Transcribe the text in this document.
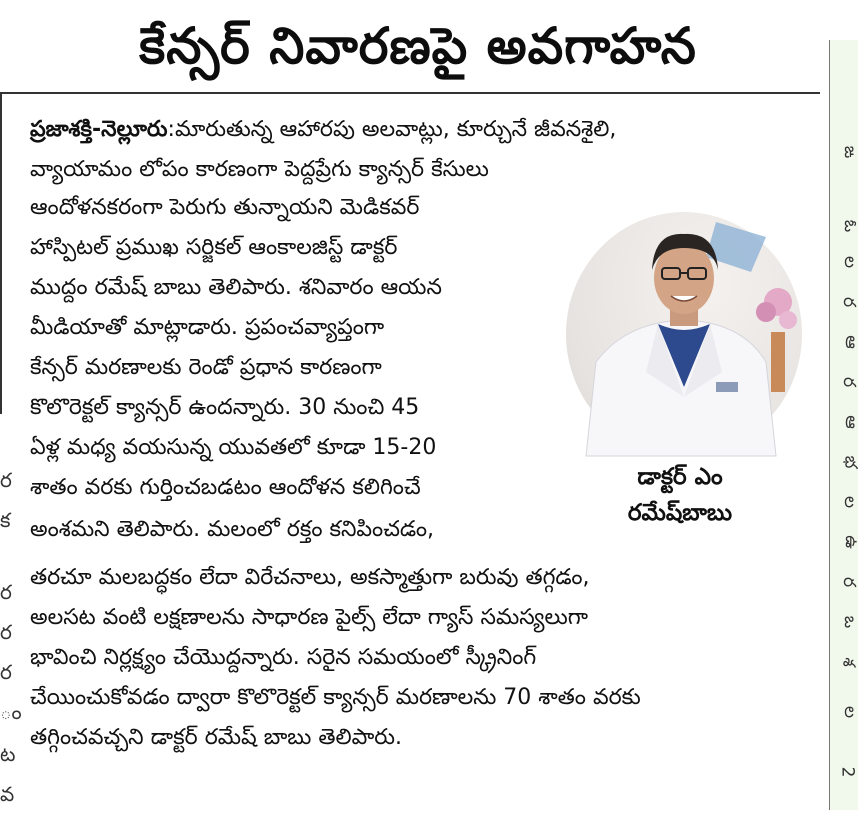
కేన్సర్ నివారణపై అవగాహన
ఙ
ఓ
ల
ర
ఆ
ర
ఆ
భ
ల
ఉ
ర
ఒ
శ
ల
2
ర
క
ర
ర
ర
ం
ట
వ
ప్రజాశక్తి-నెల్లూరు:మారుతున్న ఆహారపు అలవాట్లు, కూర్చునే జీవనశైలి,
వ్యాయామం లోపం కారణంగా పెద్దప్రేగు క్యాన్సర్ కేసులు
ఆందోళనకరంగా పెరుగు తున్నాయని మెడికవర్
హాస్పిటల్ ప్రముఖ సర్జికల్ ఆంకాలజిస్ట్ డాక్టర్
ముద్దం రమేష్ బాబు తెలిపారు. శనివారం ఆయన
మీడియాతో మాట్లాడారు. ప్రపంచవ్యాప్తంగా
కేన్సర్ మరణాలకు రెండో ప్రధాన కారణంగా
కొలొరెక్టల్ క్యాన్సర్ ఉందన్నారు. 30 నుంచి 45
ఏళ్ల మధ్య వయసున్న యువతలో కూడా 15-20
శాతం వరకు గుర్తించబడటం ఆందోళన కలిగించే
అంశమని తెలిపారు. మలంలో రక్తం కనిపించడం,
తరచూ మలబద్ధకం లేదా విరేచనాలు, అకస్మాత్తుగా బరువు తగ్గడం,
అలసట వంటి లక్షణాలను సాధారణ పైల్స్ లేదా గ్యాస్ సమస్యలుగా
భావించి నిర్లక్ష్యం చేయొద్దన్నారు. సరైన సమయంలో స్క్రీనింగ్
చేయించుకోవడం ద్వారా కొలొరెక్టల్ క్యాన్సర్ మరణాలను 70 శాతం వరకు
తగ్గించవచ్చని డాక్టర్ రమేష్ బాబు తెలిపారు.
డాక్టర్ ఎం
రమేష్‌బాబు
